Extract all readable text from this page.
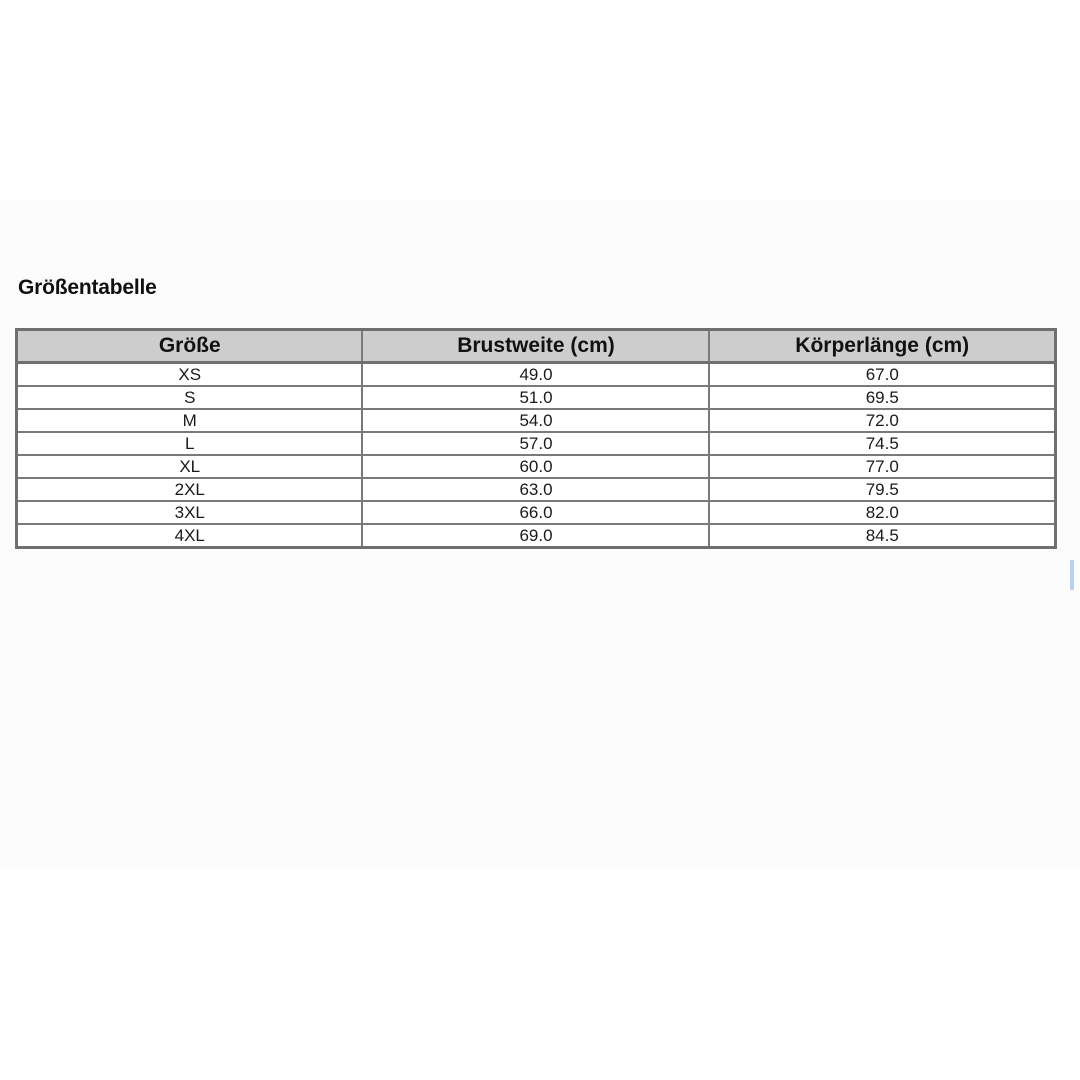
Größentabelle
Größe	Brustweite (cm)	Körperlänge (cm)
XS	49.0	67.0
S	51.0	69.5
M	54.0	72.0
L	57.0	74.5
XL	60.0	77.0
2XL	63.0	79.5
3XL	66.0	82.0
4XL	69.0	84.5
